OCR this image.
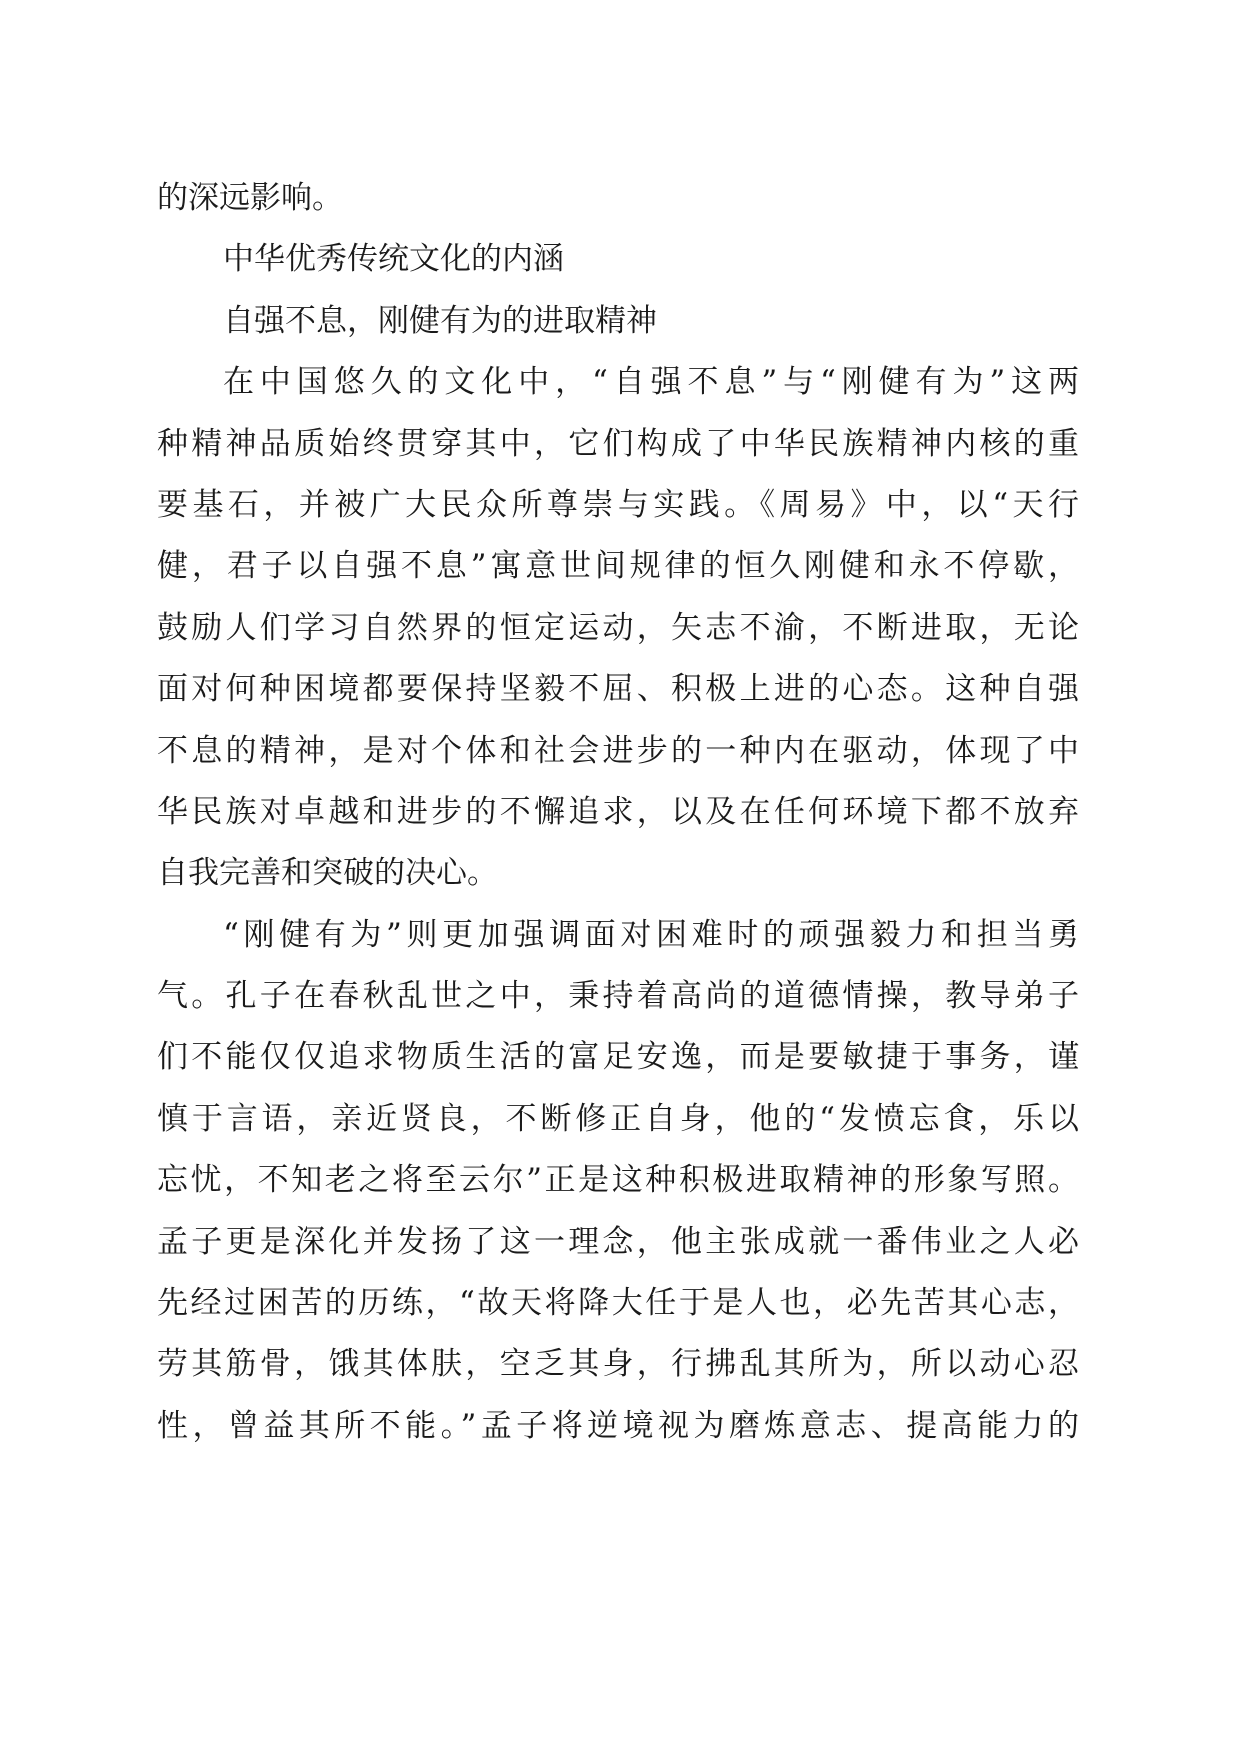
的深远影响。
中华优秀传统文化的内涵
自强不息，刚健有为的进取精神
在中国悠久的文化中，“自强不息”与“刚健有为”这两
种精神品质始终贯穿其中，它们构成了中华民族精神内核的重
要基石，并被广大民众所尊崇与实践。《周易》中，以“天行
健，君子以自强不息”寓意世间规律的恒久刚健和永不停歇，
鼓励人们学习自然界的恒定运动，矢志不渝，不断进取，无论
面对何种困境都要保持坚毅不屈、积极上进的心态。这种自强
不息的精神，是对个体和社会进步的一种内在驱动，体现了中
华民族对卓越和进步的不懈追求，以及在任何环境下都不放弃
自我完善和突破的决心。
“刚健有为”则更加强调面对困难时的顽强毅力和担当勇
气。孔子在春秋乱世之中，秉持着高尚的道德情操，教导弟子
们不能仅仅追求物质生活的富足安逸，而是要敏捷于事务，谨
慎于言语，亲近贤良，不断修正自身，他的“发愤忘食，乐以
忘忧，不知老之将至云尔”正是这种积极进取精神的形象写照。
孟子更是深化并发扬了这一理念，他主张成就一番伟业之人必
先经过困苦的历练，“故天将降大任于是人也，必先苦其心志，
劳其筋骨，饿其体肤，空乏其身，行拂乱其所为，所以动心忍
性，曾益其所不能。”孟子将逆境视为磨炼意志、提高能力的
